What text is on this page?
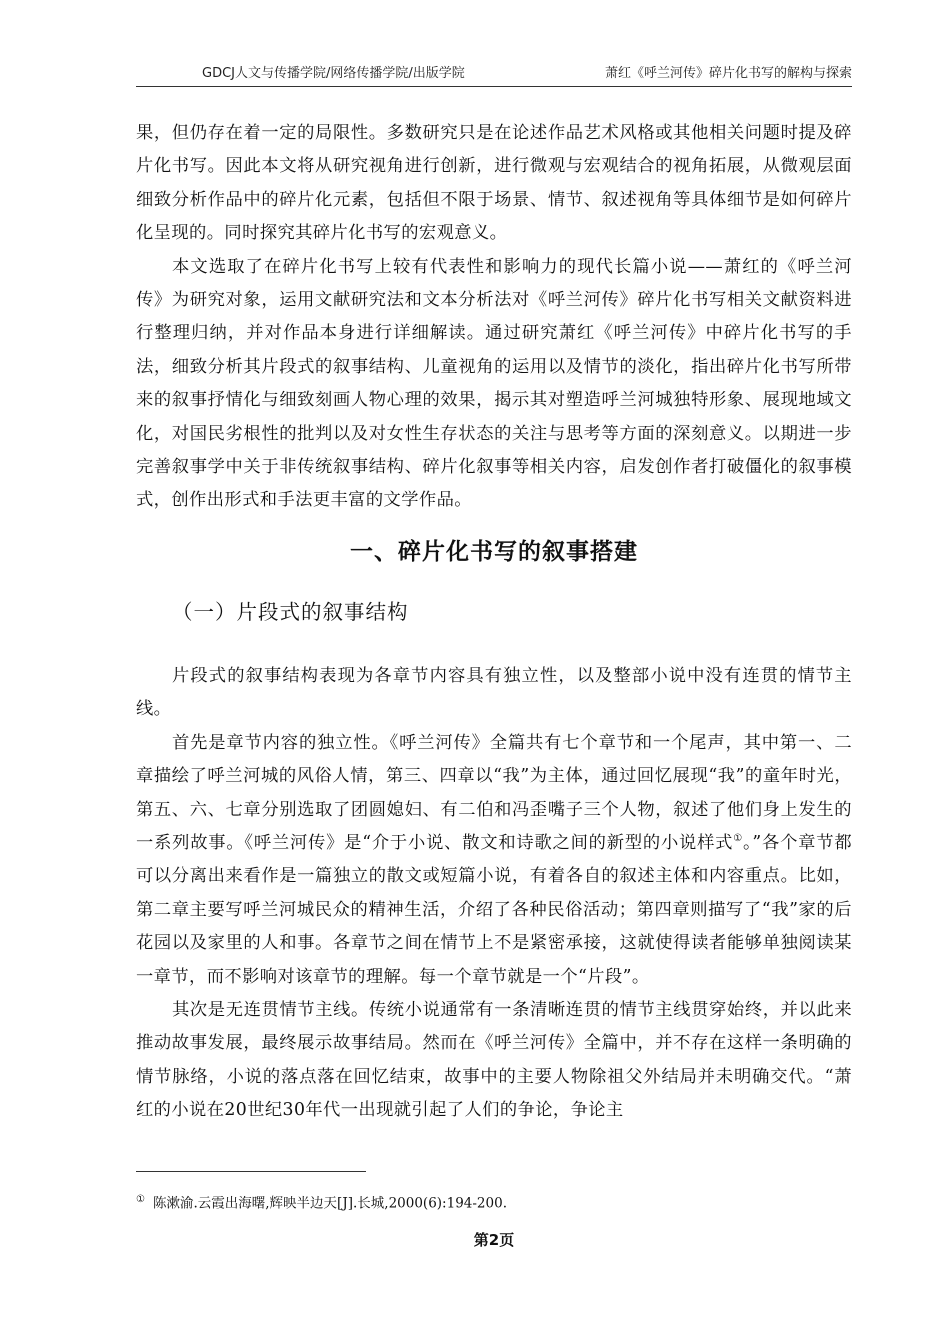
GDCJ人文与传播学院/网络传播学院/出版学院	萧红《呼兰河传》碎片化书写的解构与探索

果，但仍存在着一定的局限性。多数研究只是在论述作品艺术风格或其他相关问题时提及碎片化书写。因此本文将从研究视角进行创新，进行微观与宏观结合的视角拓展，从微观层面细致分析作品中的碎片化元素，包括但不限于场景、情节、叙述视角等具体细节是如何碎片化呈现的。同时探究其碎片化书写的宏观意义。

本文选取了在碎片化书写上较有代表性和影响力的现代长篇小说——萧红的《呼兰河传》为研究对象，运用文献研究法和文本分析法对《呼兰河传》碎片化书写相关文献资料进行整理归纳，并对作品本身进行详细解读。通过研究萧红《呼兰河传》中碎片化书写的手法，细致分析其片段式的叙事结构、儿童视角的运用以及情节的淡化，指出碎片化书写所带来的叙事抒情化与细致刻画人物心理的效果，揭示其对塑造呼兰河城独特形象、展现地域文化，对国民劣根性的批判以及对女性生存状态的关注与思考等方面的深刻意义。以期进一步完善叙事学中关于非传统叙事结构、碎片化叙事等相关内容，启发创作者打破僵化的叙事模式，创作出形式和手法更丰富的文学作品。

一、碎片化书写的叙事搭建
（一）片段式的叙事结构

片段式的叙事结构表现为各章节内容具有独立性，以及整部小说中没有连贯的情节主线。

首先是章节内容的独立性。《呼兰河传》全篇共有七个章节和一个尾声，其中第一、二章描绘了呼兰河城的风俗人情，第三、四章以“我”为主体，通过回忆展现“我”的童年时光，第五、六、七章分别选取了团圆媳妇、有二伯和冯歪嘴子三个人物，叙述了他们身上发生的一系列故事。《呼兰河传》是“介于小说、散文和诗歌之间的新型的小说样式①。”各个章节都可以分离出来看作是一篇独立的散文或短篇小说，有着各自的叙述主体和内容重点。比如，第二章主要写呼兰河城民众的精神生活，介绍了各种民俗活动；第四章则描写了“我”家的后花园以及家里的人和事。各章节之间在情节上不是紧密承接，这就使得读者能够单独阅读某一章节，而不影响对该章节的理解。每一个章节就是一个“片段”。

其次是无连贯情节主线。传统小说通常有一条清晰连贯的情节主线贯穿始终，并以此来推动故事发展，最终展示故事结局。然而在《呼兰河传》全篇中，并不存在这样一条明确的情节脉络，小说的落点落在回忆结束，故事中的主要人物除祖父外结局并未明确交代。“萧红的小说在20世纪30年代一出现就引起了人们的争论，争论主

① 陈漱渝.云霞出海曙,辉映半边天[J].长城,2000(6):194-200.
第2页
